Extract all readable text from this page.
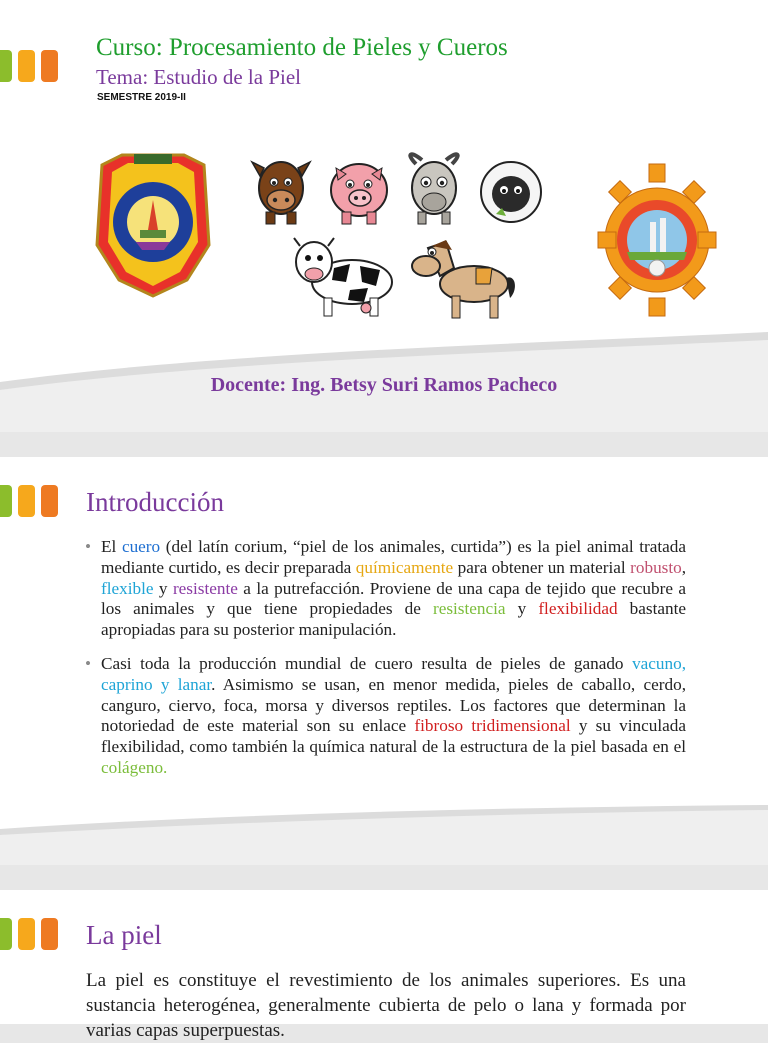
Curso: Procesamiento de Pieles y Cueros
Tema: Estudio de la Piel
SEMESTRE 2019-II
Docente: Ing. Betsy Suri Ramos Pacheco
Introducción
• El cuero (del latín corium, “piel de los animales, curtida”) es la piel animal tratada mediante curtido, es decir preparada químicamente para obtener un material robusto, flexible y resistente a la putrefacción. Proviene de una capa de tejido que recubre a los animales y que tiene propiedades de resistencia y flexibilidad bastante apropiadas para su posterior manipulación.
• Casi toda la producción mundial de cuero resulta de pieles de ganado vacuno, caprino y lanar. Asimismo se usan, en menor medida, pieles de caballo, cerdo, canguro, ciervo, foca, morsa y diversos reptiles. Los factores que determinan la notoriedad de este material son su enlace fibroso tridimensional y su vinculada flexibilidad, como también la química natural de la estructura de la piel basada en el colágeno.
La piel

La piel es constituye el revestimiento de los animales superiores. Es una sustancia heterogénea, generalmente cubierta de pelo o lana y formada por varias capas superpuestas.
